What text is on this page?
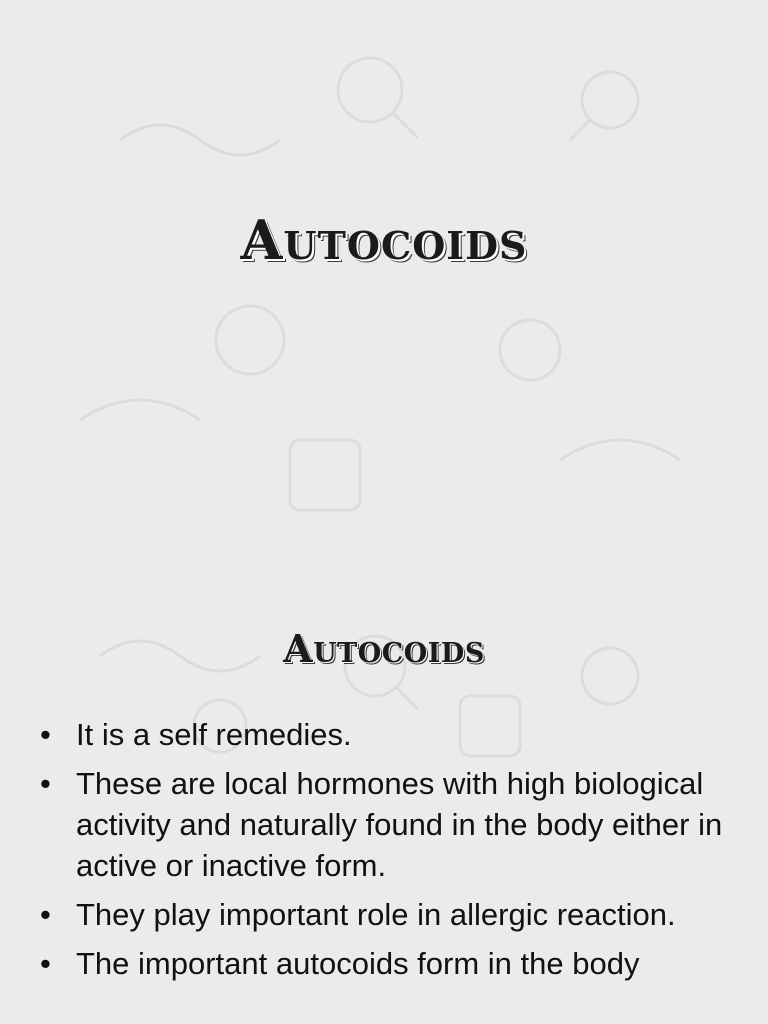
Autocoids
Autocoids
• It is a self remedies.
• These are local hormones with high biological activity and naturally found in the body either in active or inactive form.
• They play important role in allergic reaction.
• The important autocoids form in the body
